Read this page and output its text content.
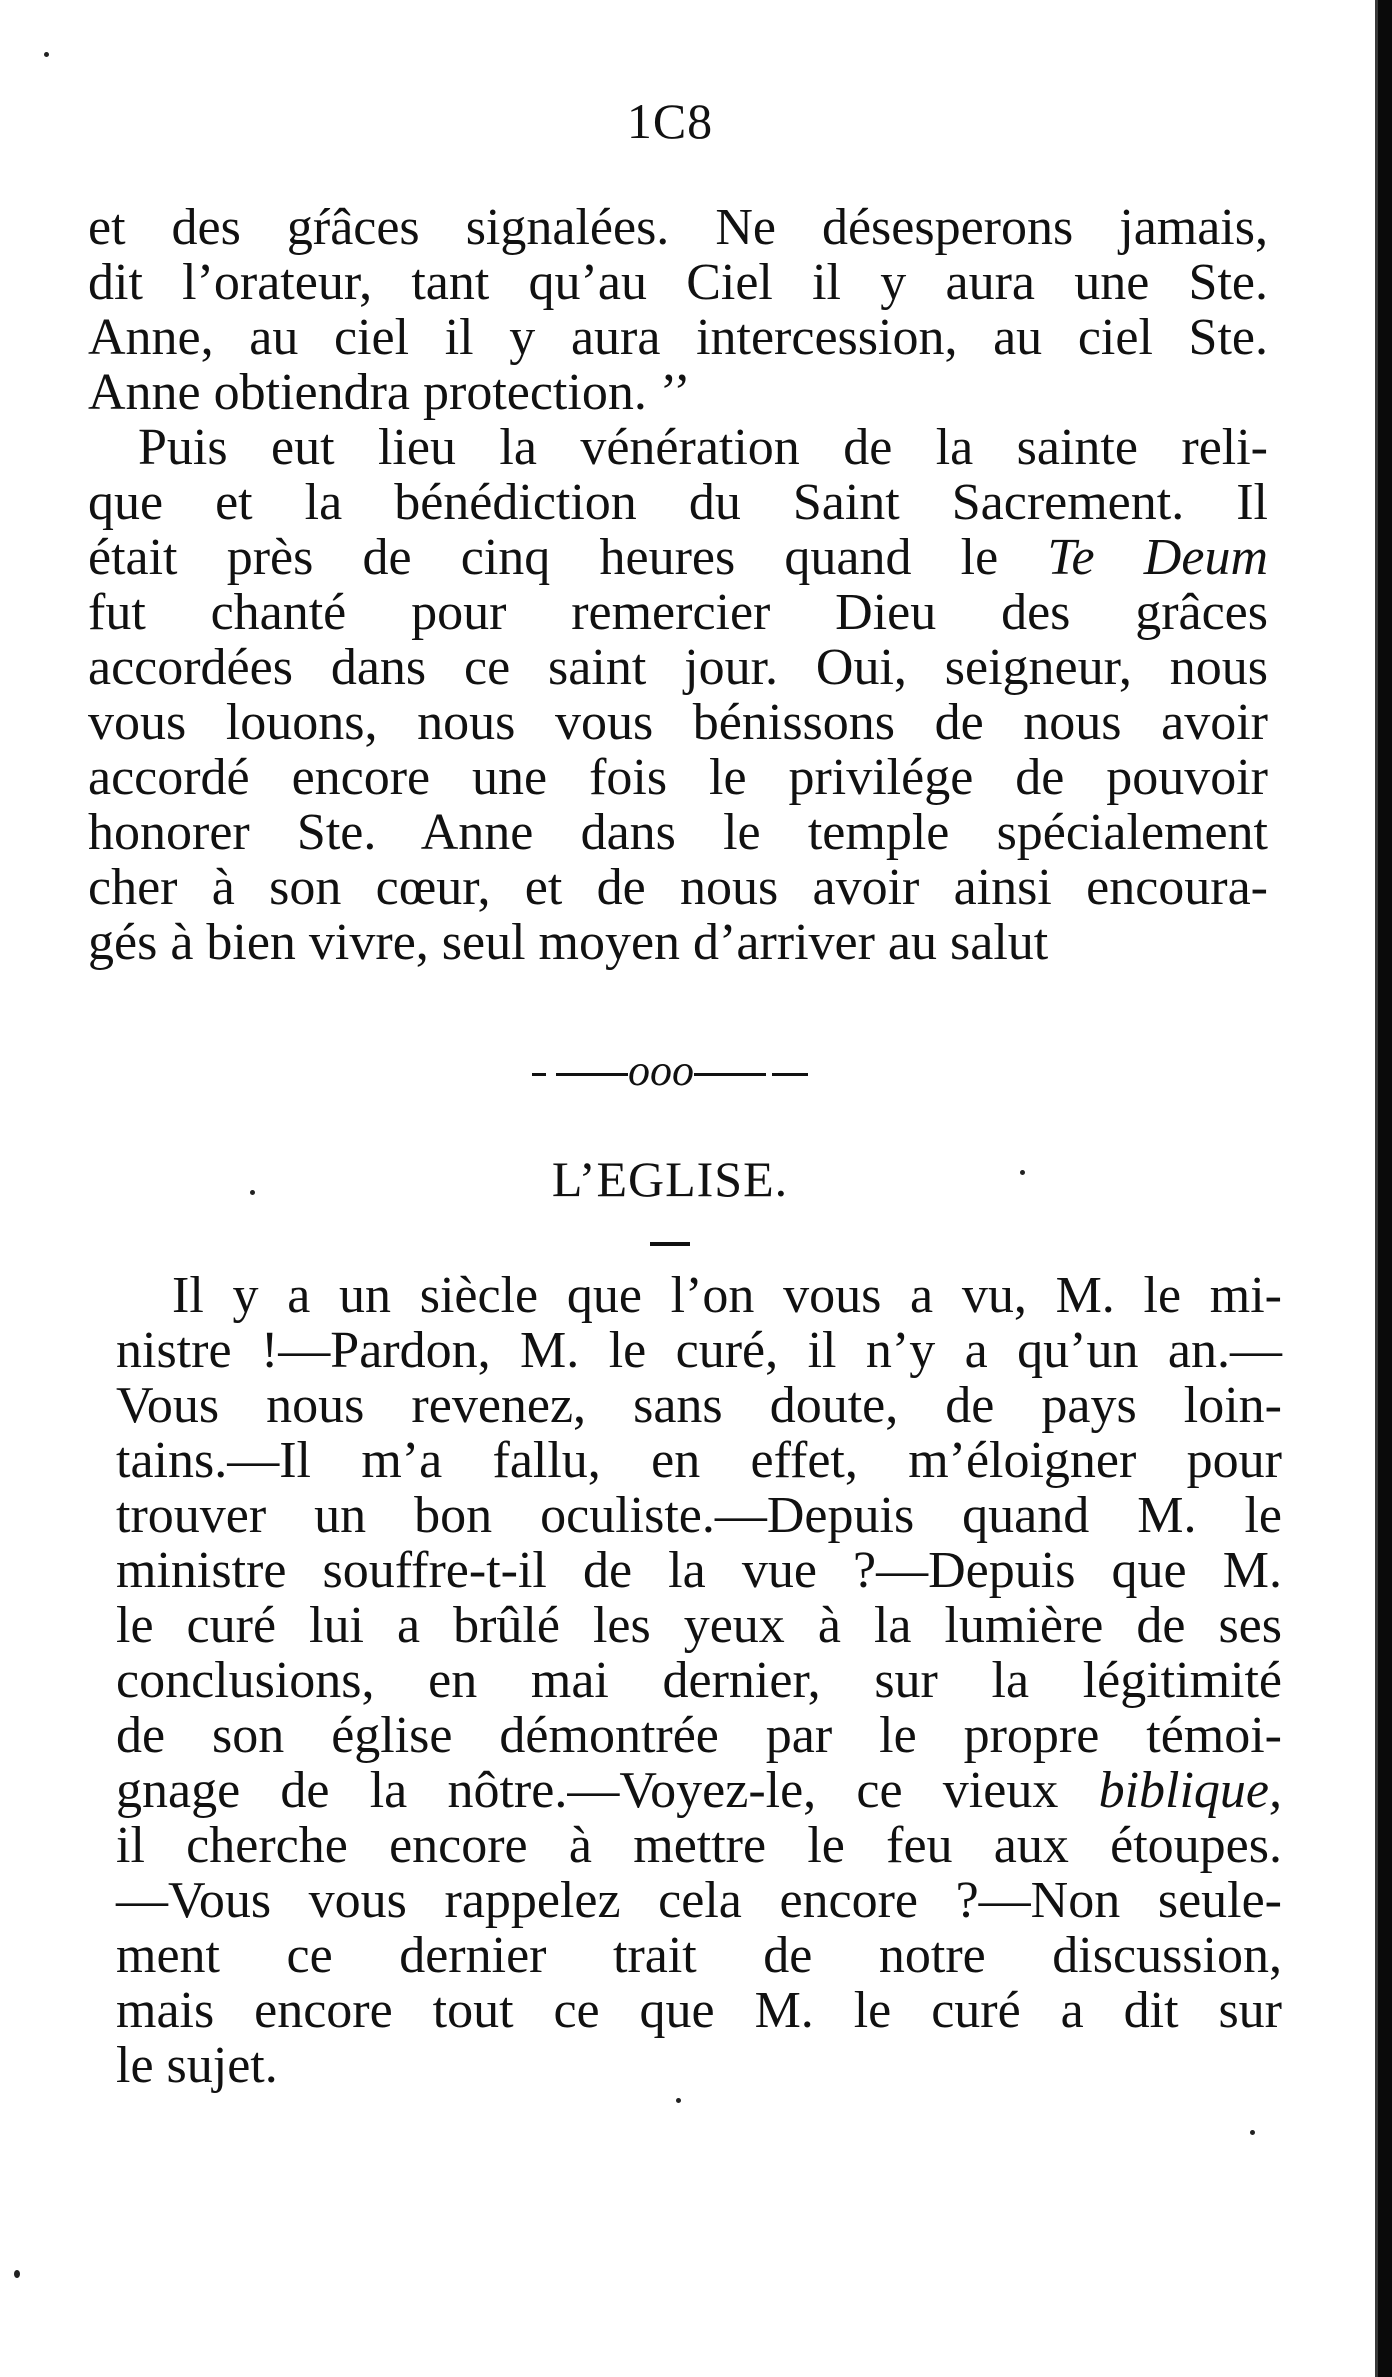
1C8
et des gŕâces signalées. Ne désesperons jamais,
dit l’orateur, tant qu’au Ciel il y aura une Ste.
Anne, au ciel il y aura intercession, au ciel Ste.
Anne obtiendra protection. ’’
Puis eut lieu la vénération de la sainte reli-
que et la bénédiction du Saint Sacrement. Il
était près de cinq heures quand le Te Deum
fut chanté pour remercier Dieu des grâces
accordées dans ce saint jour. Oui, seigneur, nous
vous louons, nous vous bénissons de nous avoir
accordé encore une fois le privilége de pouvoir
honorer Ste. Anne dans le temple spécialement
cher à son cœur, et de nous avoir ainsi encoura-
gés à bien vivre, seul moyen d’arriver au salut
ooo
L’EGLISE.
Il y a un siècle que l’on vous a vu, M. le mi-
nistre !—Pardon, M. le curé, il n’y a qu’un an.—
Vous nous revenez, sans doute, de pays loin-
tains.—Il m’a fallu, en effet, m’éloigner pour
trouver un bon oculiste.—Depuis quand M. le
ministre souffre-t-il de la vue ?—Depuis que M.
le curé lui a brûlé les yeux à la lumière de ses
conclusions, en mai dernier, sur la légitimité
de son église démontrée par le propre témoi-
gnage de la nôtre.—Voyez-le, ce vieux biblique,
il cherche encore à mettre le feu aux étoupes.
—Vous vous rappelez cela encore ?—Non seule-
ment ce dernier trait de notre discussion,
mais encore tout ce que M. le curé a dit sur
le sujet.
